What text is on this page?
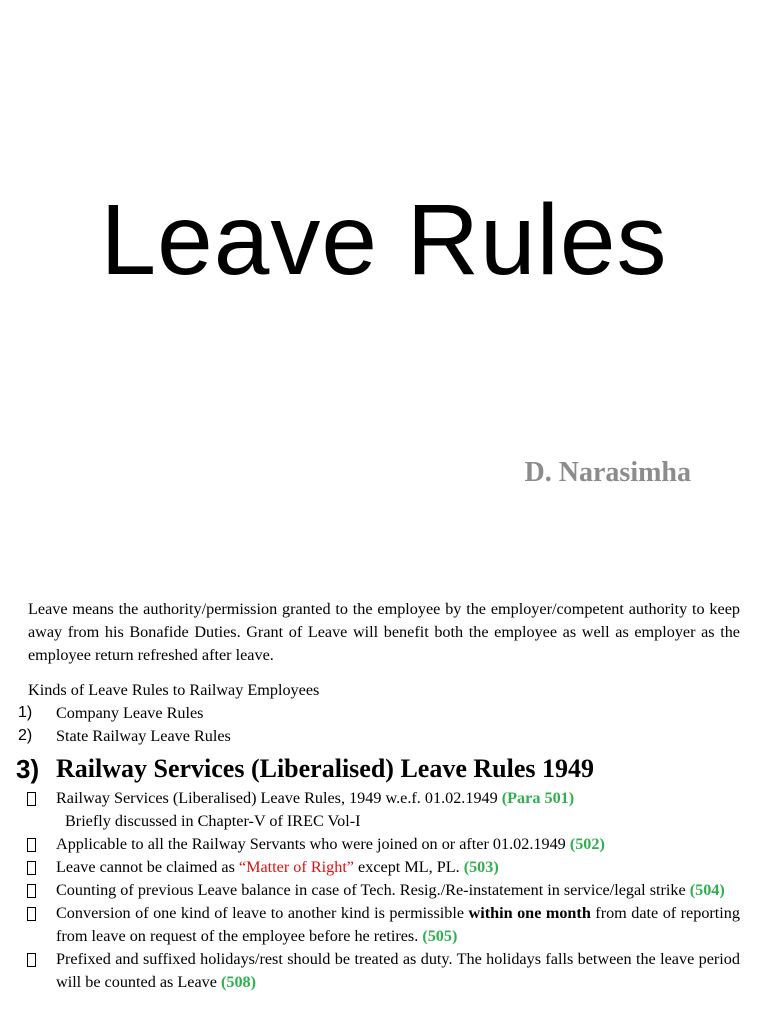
Leave Rules
D. Narasimha

Leave means the authority/permission granted to the employee by the employer/competent authority to keep away from his Bonafide Duties. Grant of Leave will benefit both the employee as well as employer as the employee return refreshed after leave.

Kinds of Leave Rules to Railway Employees
1) Company Leave Rules
2) State Railway Leave Rules
3) Railway Services (Liberalised) Leave Rules 1949
Railway Services (Liberalised) Leave Rules, 1949 w.e.f. 01.02.1949 (Para 501)
Briefly discussed in Chapter-V of IREC Vol-I
Applicable to all the Railway Servants who were joined on or after 01.02.1949 (502)
Leave cannot be claimed as “Matter of Right” except ML, PL. (503)
Counting of previous Leave balance in case of Tech. Resig./Re-instatement in service/legal strike (504)
Conversion of one kind of leave to another kind is permissible within one month from date of reporting from leave on request of the employee before he retires. (505)
Prefixed and suffixed holidays/rest should be treated as duty. The holidays falls between the leave period will be counted as Leave (508)
